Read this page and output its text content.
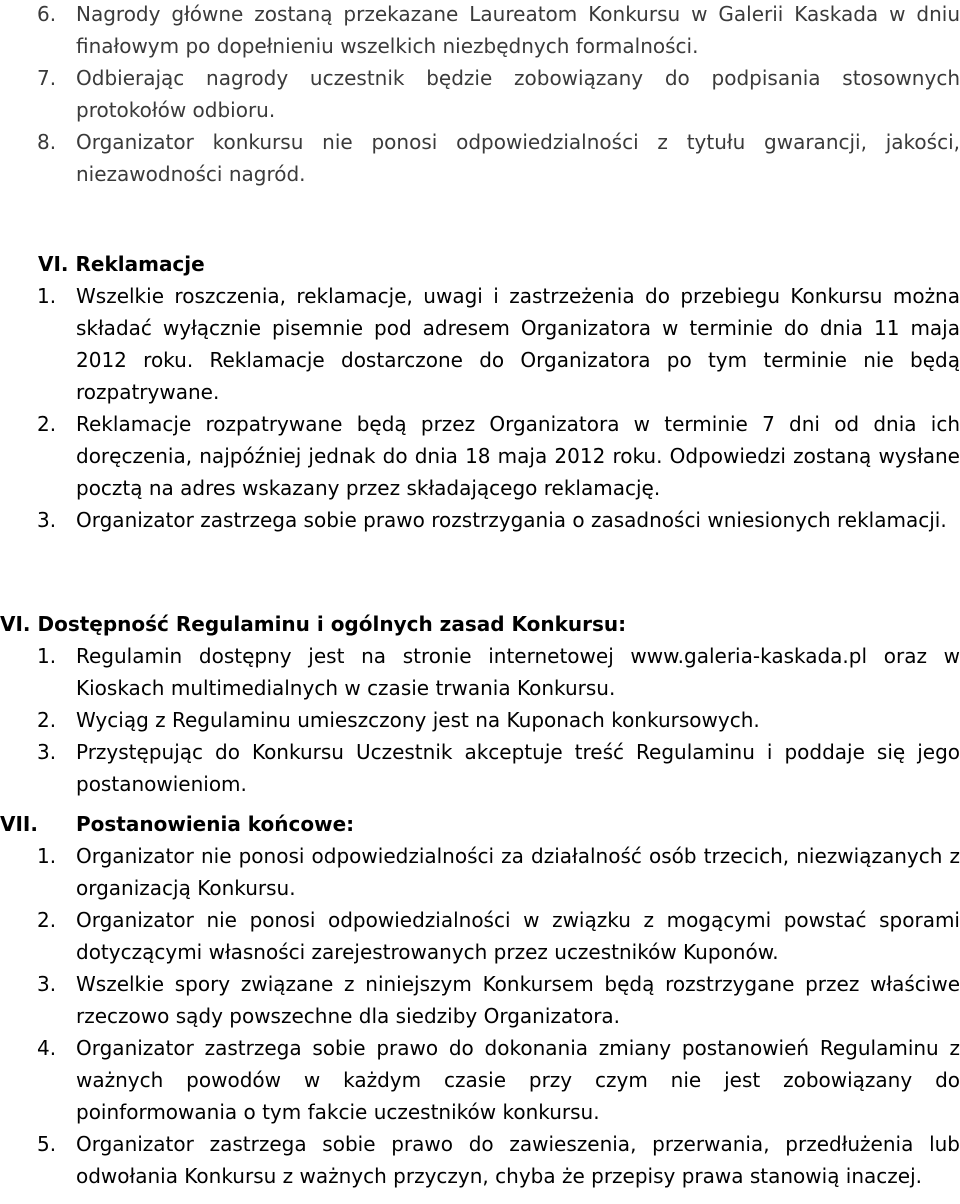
6. Nagrody główne zostaną przekazane Laureatom Konkursu w Galerii Kaskada w dniu finałowym po dopełnieniu wszelkich niezbędnych formalności.
7. Odbierając nagrody uczestnik będzie zobowiązany do podpisania stosownych protokołów odbioru.
8. Organizator konkursu nie ponosi odpowiedzialności z tytułu gwarancji, jakości, niezawodności nagród.
VI. Reklamacje
1. Wszelkie roszczenia, reklamacje, uwagi i zastrzeżenia do przebiegu Konkursu można składać wyłącznie pisemnie pod adresem Organizatora w terminie do dnia 11 maja 2012 roku. Reklamacje dostarczone do Organizatora po tym terminie nie będą rozpatrywane.
2. Reklamacje rozpatrywane będą przez Organizatora w terminie 7 dni od dnia ich doręczenia, najpóźniej jednak do dnia 18 maja 2012 roku. Odpowiedzi zostaną wysłane pocztą na adres wskazany przez składającego reklamację.
3. Organizator zastrzega sobie prawo rozstrzygania o zasadności wniesionych reklamacji.
VI. Dostępność Regulaminu i ogólnych zasad Konkursu:
1. Regulamin dostępny jest na stronie internetowej www.galeria-kaskada.pl oraz w Kioskach multimedialnych w czasie trwania Konkursu.
2. Wyciąg z Regulaminu umieszczony jest na Kuponach konkursowych.
3. Przystępując do Konkursu Uczestnik akceptuje treść Regulaminu i poddaje się jego postanowieniom.
VII. Postanowienia końcowe:
1. Organizator nie ponosi odpowiedzialności za działalność osób trzecich, niezwiązanych z organizacją Konkursu.
2. Organizator nie ponosi odpowiedzialności w związku z mogącymi powstać sporami dotyczącymi własności zarejestrowanych przez uczestników Kuponów.
3. Wszelkie spory związane z niniejszym Konkursem będą rozstrzygane przez właściwe rzeczowo sądy powszechne dla siedziby Organizatora.
4. Organizator zastrzega sobie prawo do dokonania zmiany postanowień Regulaminu z ważnych powodów w każdym czasie przy czym nie jest zobowiązany do poinformowania o tym fakcie uczestników konkursu.
5. Organizator zastrzega sobie prawo do zawieszenia, przerwania, przedłużenia lub odwołania Konkursu z ważnych przyczyn, chyba że przepisy prawa stanowią inaczej.
